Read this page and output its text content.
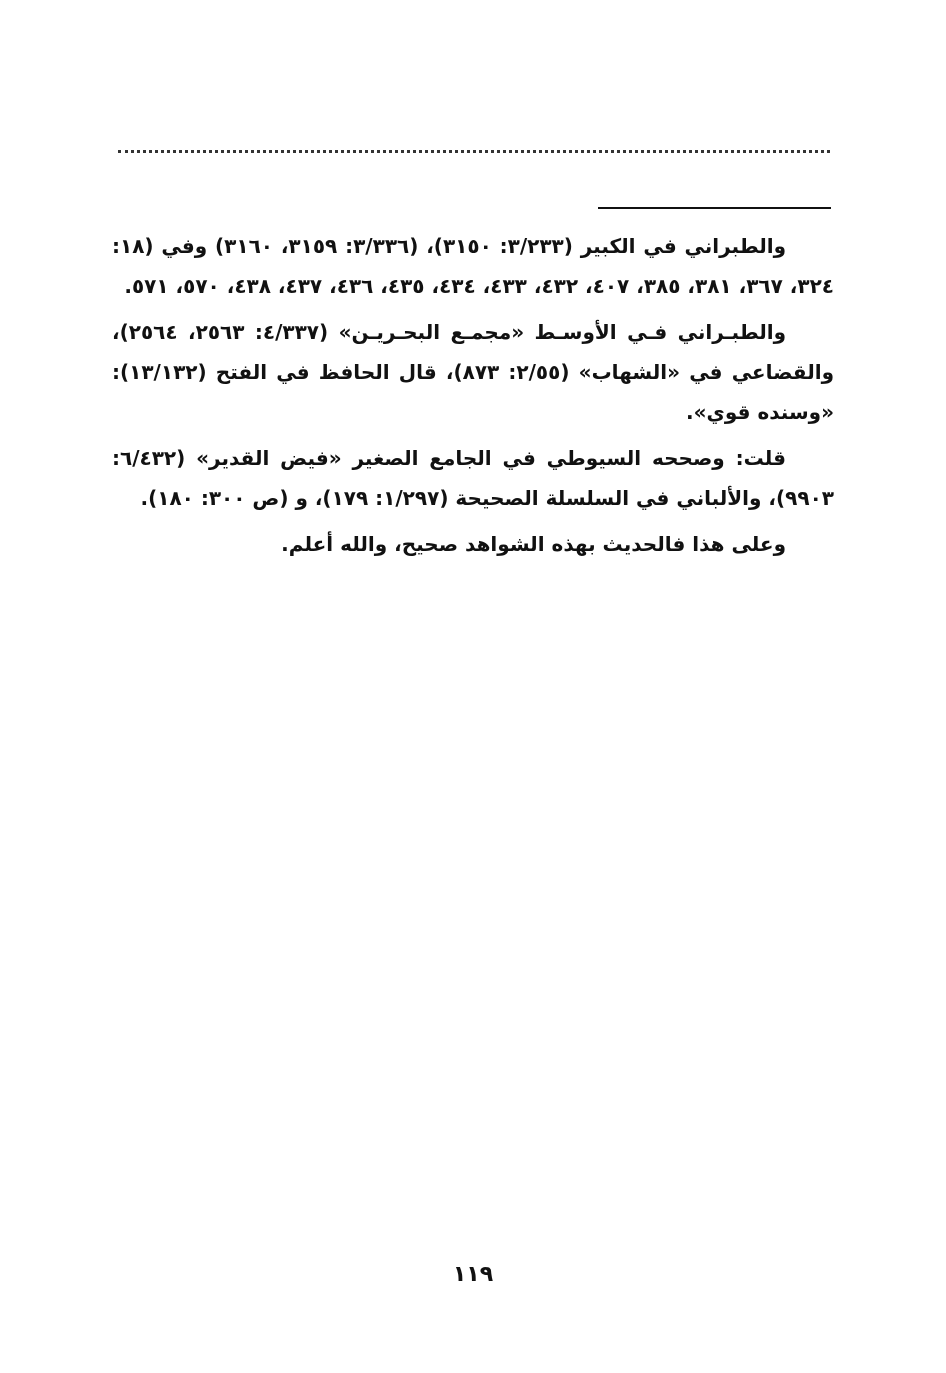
والطبراني في الكبير (٣/٢٣٣: ٣١٥٠)، (٣/٣٣٦: ٣١٥٩، ٣١٦٠) وفي (١٨: ٣٢٤، ٣٦٧، ٣٨١، ٣٨٥، ٤٠٧، ٤٣٢، ٤٣٣، ٤٣٤، ٤٣٥، ٤٣٦، ٤٣٧، ٤٣٨، ٥٧٠، ٥٧١.

والطبـراني فـي الأوسـط «مجمـع البحـريـن» (٤/٣٣٧: ٢٥٦٣، ٢٥٦٤)، والقضاعي في «الشهاب» (٢/٥٥: ٨٧٣)، قال الحافظ في الفتح (١٣/١٣٢): «وسنده قوي».

قلت: وصححه السيوطي في الجامع الصغير «فيض القدير» (٦/٤٣٢: ٩٩٠٣)، والألباني في السلسلة الصحيحة (١/٢٩٧: ١٧٩)، و (ص ٣٠٠: ١٨٠).

وعلى هذا فالحديث بهذه الشواهد صحيح، والله أعلم.

١١٩
